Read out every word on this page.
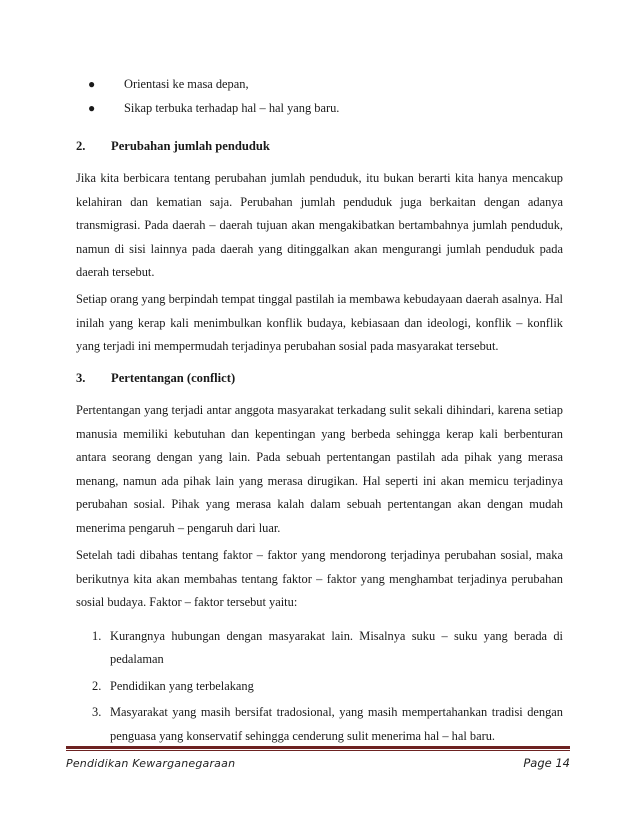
●	Orientasi ke masa depan,
●	Sikap terbuka terhadap hal – hal yang baru.
2.	Perubahan jumlah penduduk

Jika kita berbicara tentang perubahan jumlah penduduk, itu bukan berarti kita hanya mencakup kelahiran dan kematian saja. Perubahan jumlah penduduk juga berkaitan dengan adanya transmigrasi. Pada daerah – daerah tujuan akan mengakibatkan bertambahnya jumlah penduduk, namun di sisi lainnya pada daerah yang ditinggalkan akan mengurangi jumlah penduduk pada daerah tersebut.

Setiap orang yang berpindah tempat tinggal pastilah ia membawa kebudayaan daerah asalnya. Hal inilah yang kerap kali menimbulkan konflik budaya, kebiasaan dan ideologi, konflik – konflik yang terjadi ini mempermudah terjadinya perubahan sosial pada masyarakat tersebut.

3.	Pertentangan (conflict)

Pertentangan yang terjadi antar anggota masyarakat terkadang sulit sekali dihindari, karena setiap manusia memiliki kebutuhan dan kepentingan yang berbeda sehingga kerap kali berbenturan antara seorang dengan yang lain. Pada sebuah pertentangan pastilah ada pihak yang merasa menang, namun ada pihak lain yang merasa dirugikan. Hal seperti ini akan memicu terjadinya perubahan sosial. Pihak yang merasa kalah dalam sebuah pertentangan akan dengan mudah menerima pengaruh – pengaruh dari luar.

Setelah tadi dibahas tentang faktor – faktor yang mendorong terjadinya perubahan sosial, maka berikutnya kita akan membahas tentang faktor – faktor yang menghambat terjadinya perubahan sosial budaya. Faktor – faktor tersebut yaitu:

1. Kurangnya hubungan dengan masyarakat lain. Misalnya suku – suku yang berada di pedalaman
2. Pendidikan yang terbelakang
3. Masyarakat yang masih bersifat tradosional, yang masih mempertahankan tradisi dengan penguasa yang konservatif sehingga cenderung sulit menerima hal – hal baru.
Pendidikan Kewarganegaraan	Page 14
